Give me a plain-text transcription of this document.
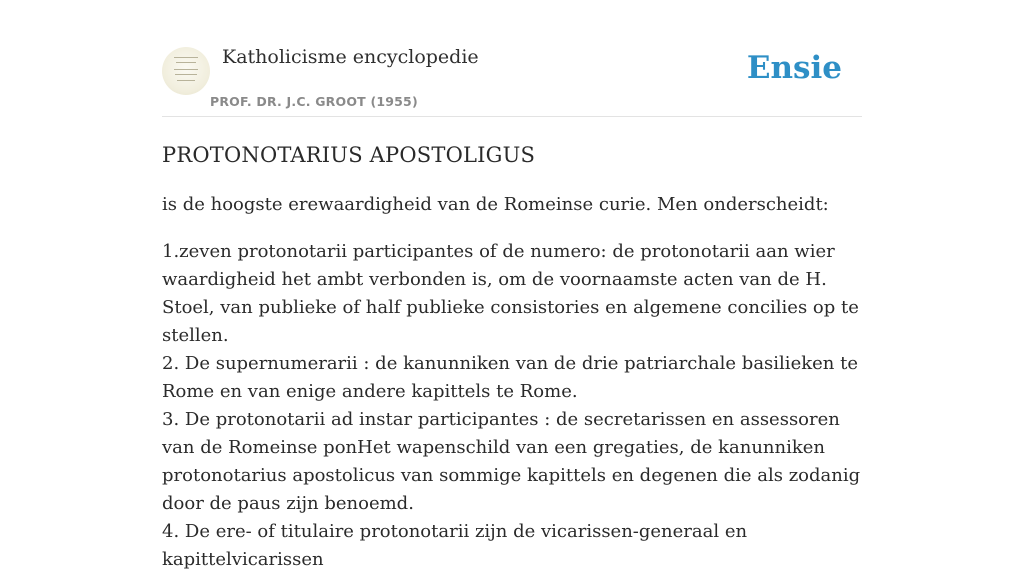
Katholicisme encyclopedie
PROF. DR. J.C. GROOT (1955)
Ensie
PROTONOTARIUS APOSTOLIGUS

is de hoogste erewaardigheid van de Romeinse curie. Men onderscheidt:

1.zeven protonotarii participantes of de numero: de protonotarii aan wier waardigheid het ambt verbonden is, om de voornaamste acten van de H. Stoel, van publieke of half publieke consistories en algemene concilies op te stellen.
2. De supernumerarii : de kanunniken van de drie patriarchale basilieken te Rome en van enige andere kapittels te Rome.
3. De protonotarii ad instar participantes : de secretarissen en assessoren van de Romeinse ponHet wapenschild van een gregaties, de kanunniken protonotarius apostolicus van sommige kapittels en degenen die als zodanig door de paus zijn benoemd.
4. De ere- of titulaire protonotarii zijn de vicarissen-generaal en kapittelvicarissen
